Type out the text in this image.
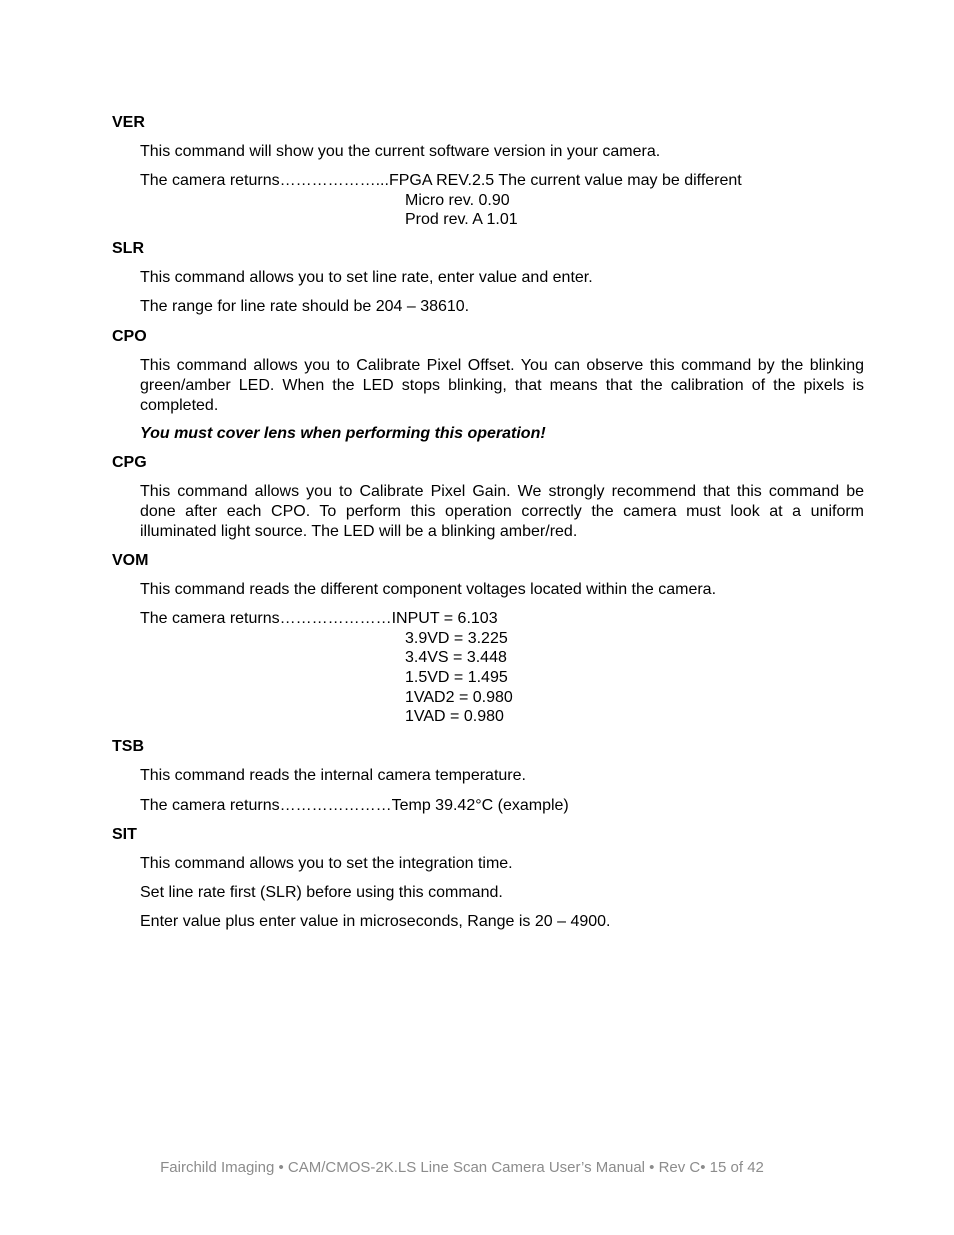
VER
This command will show you the current software version in your camera.
The camera returns………………...FPGA REV.2.5 The current value may be different
Micro rev. 0.90
Prod rev. A 1.01
SLR
This command allows you to set line rate, enter value and enter.
The range for line rate should be 204 – 38610.
CPO
This command allows you to Calibrate Pixel Offset. You can observe this command by the blinking green/amber LED. When the LED stops blinking, that means that the calibration of the pixels is completed.
You must cover lens when performing this operation!
CPG
This command allows you to Calibrate Pixel Gain. We strongly recommend that this command be done after each CPO. To perform this operation correctly the camera must look at a uniform illuminated light source. The LED will be a blinking amber/red.
VOM
This command reads the different component voltages located within the camera.
The camera returns…………………INPUT = 6.103
3.9VD = 3.225
3.4VS = 3.448
1.5VD = 1.495
1VAD2 = 0.980
1VAD = 0.980
TSB
This command reads the internal camera temperature.
The camera returns…………………Temp 39.42°C (example)
SIT
This command allows you to set the integration time.
Set line rate first (SLR) before using this command.
Enter value plus enter value in microseconds, Range is 20 – 4900.
Fairchild Imaging • CAM/CMOS-2K.LS Line Scan Camera User’s Manual • Rev C• 15 of 42
